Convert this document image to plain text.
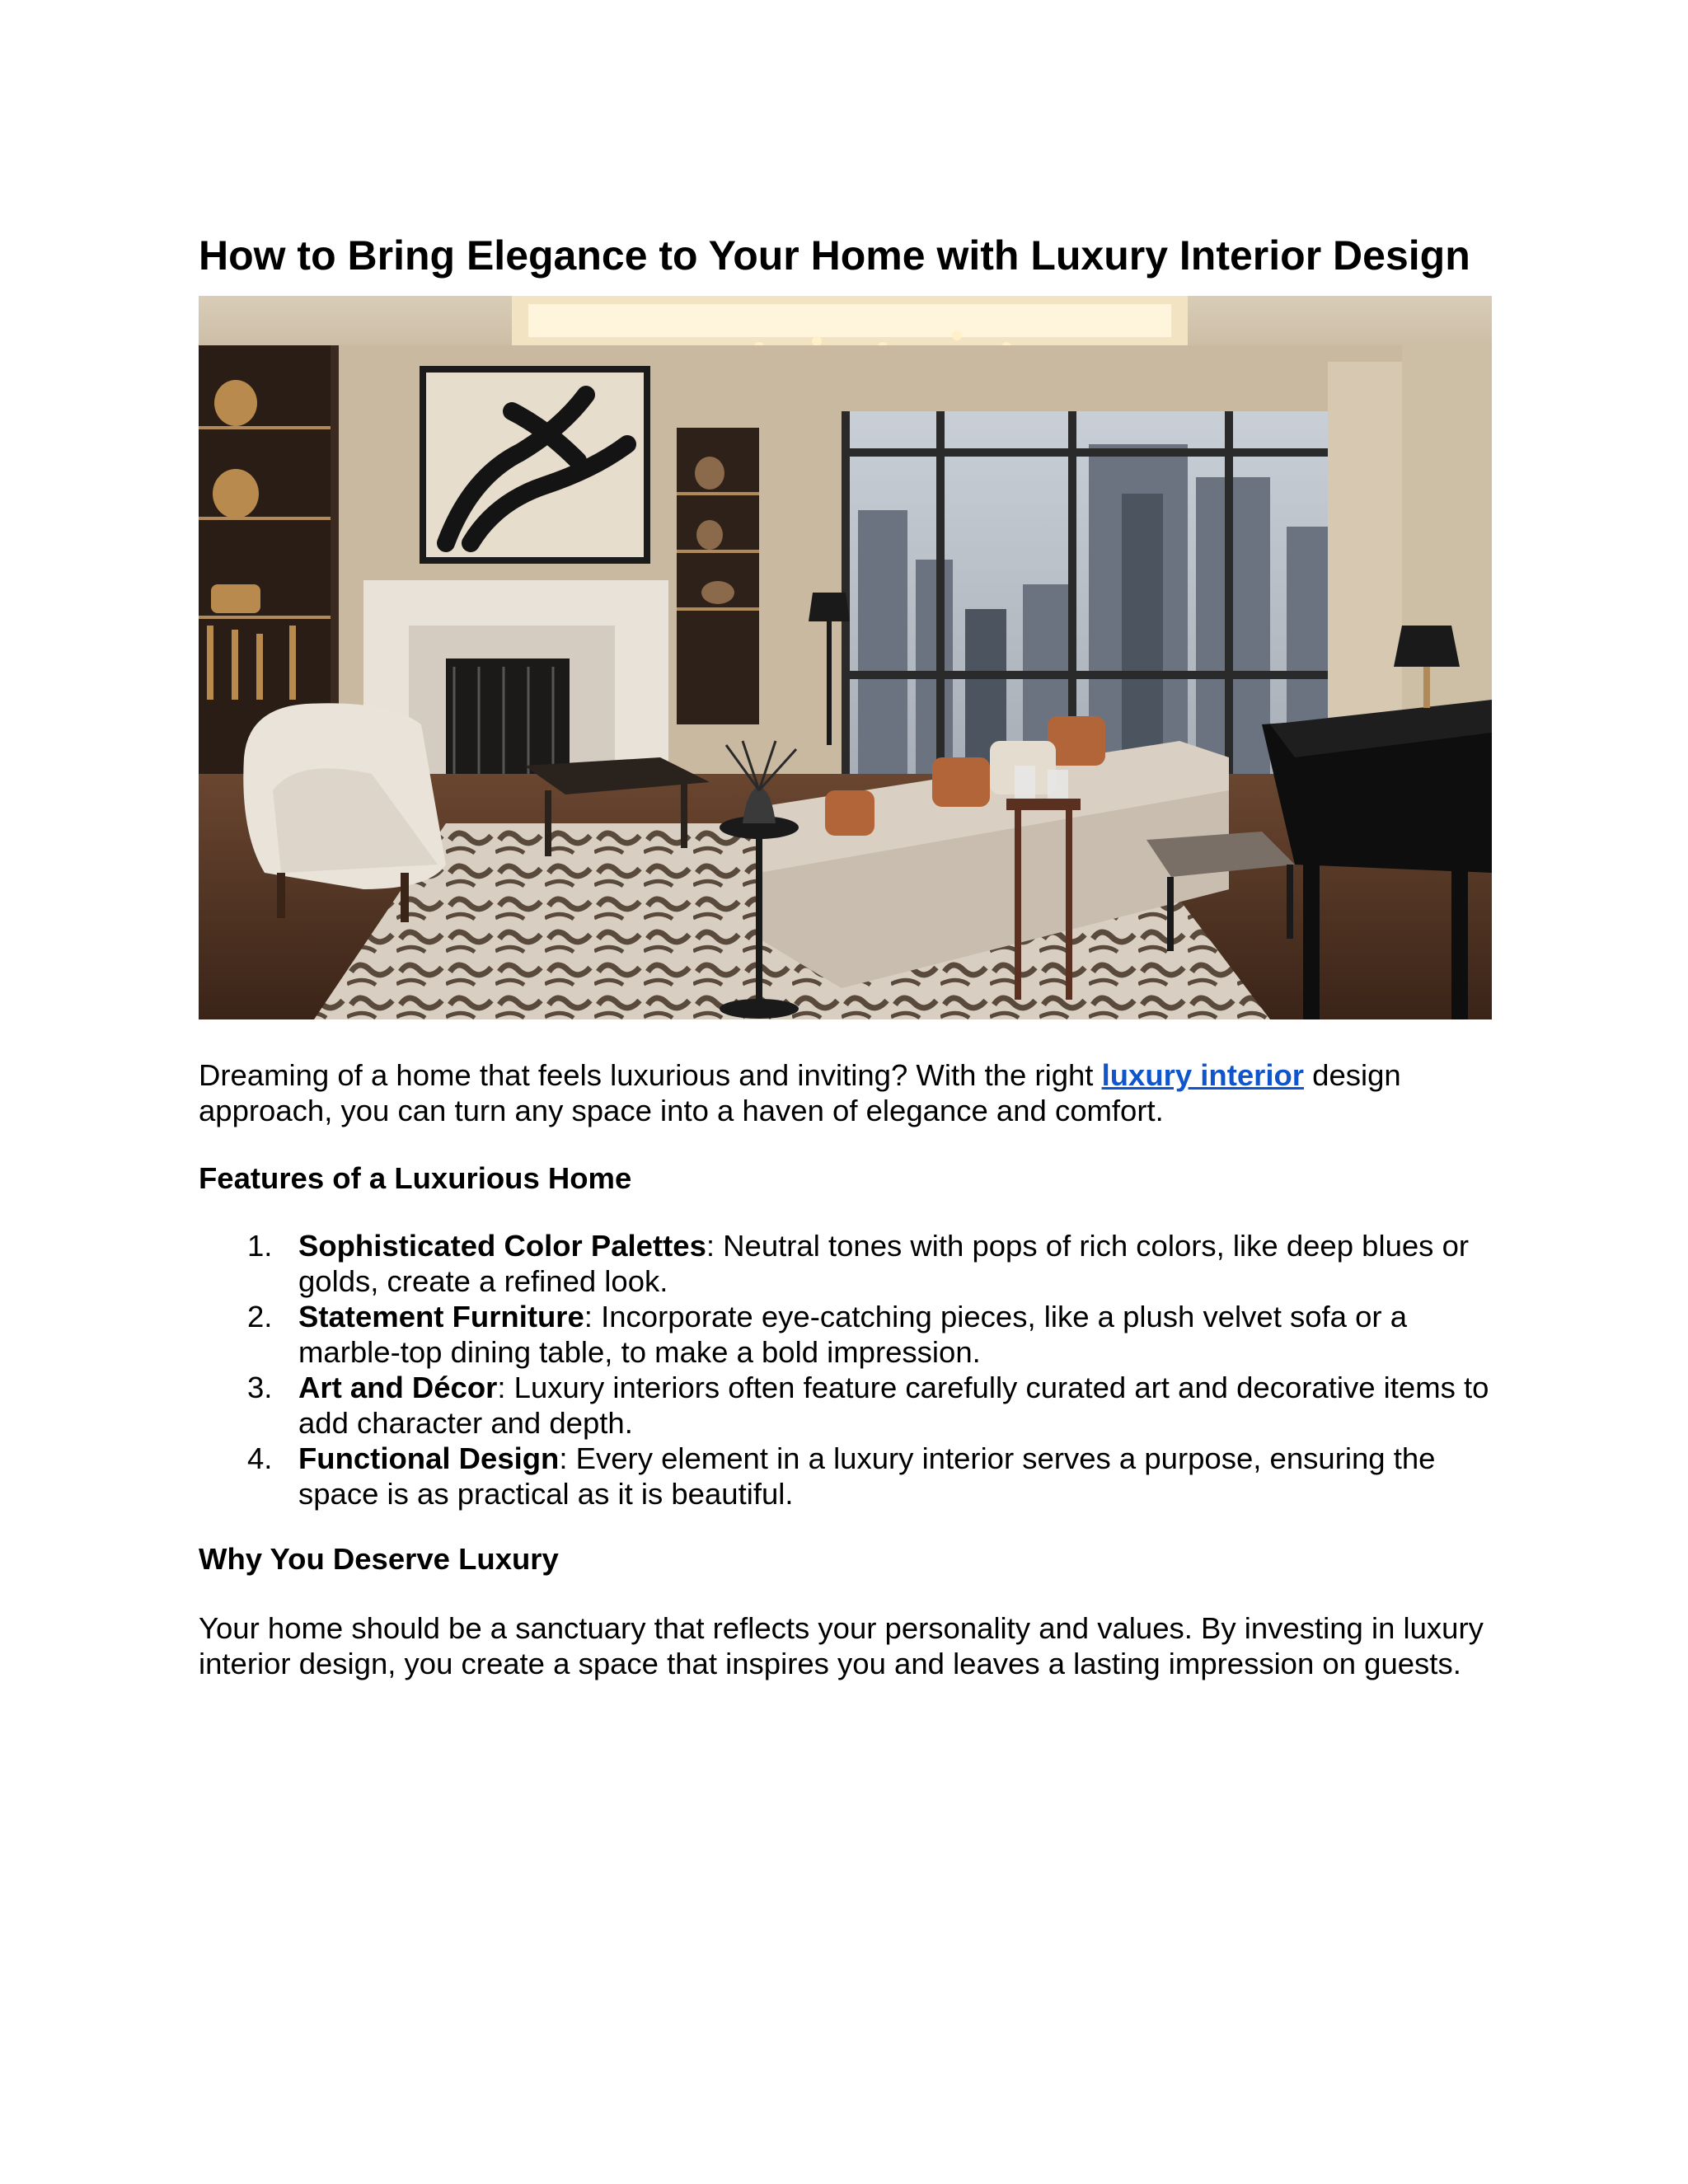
How to Bring Elegance to Your Home with Luxury Interior Design

Dreaming of a home that feels luxurious and inviting? With the right luxury interior design approach, you can turn any space into a haven of elegance and comfort.

Features of a Luxurious Home

1. Sophisticated Color Palettes: Neutral tones with pops of rich colors, like deep blues or golds, create a refined look.
2. Statement Furniture: Incorporate eye-catching pieces, like a plush velvet sofa or a marble-top dining table, to make a bold impression.
3. Art and Décor: Luxury interiors often feature carefully curated art and decorative items to add character and depth.
4. Functional Design: Every element in a luxury interior serves a purpose, ensuring the space is as practical as it is beautiful.

Why You Deserve Luxury

Your home should be a sanctuary that reflects your personality and values. By investing in luxury interior design, you create a space that inspires you and leaves a lasting impression on guests.
